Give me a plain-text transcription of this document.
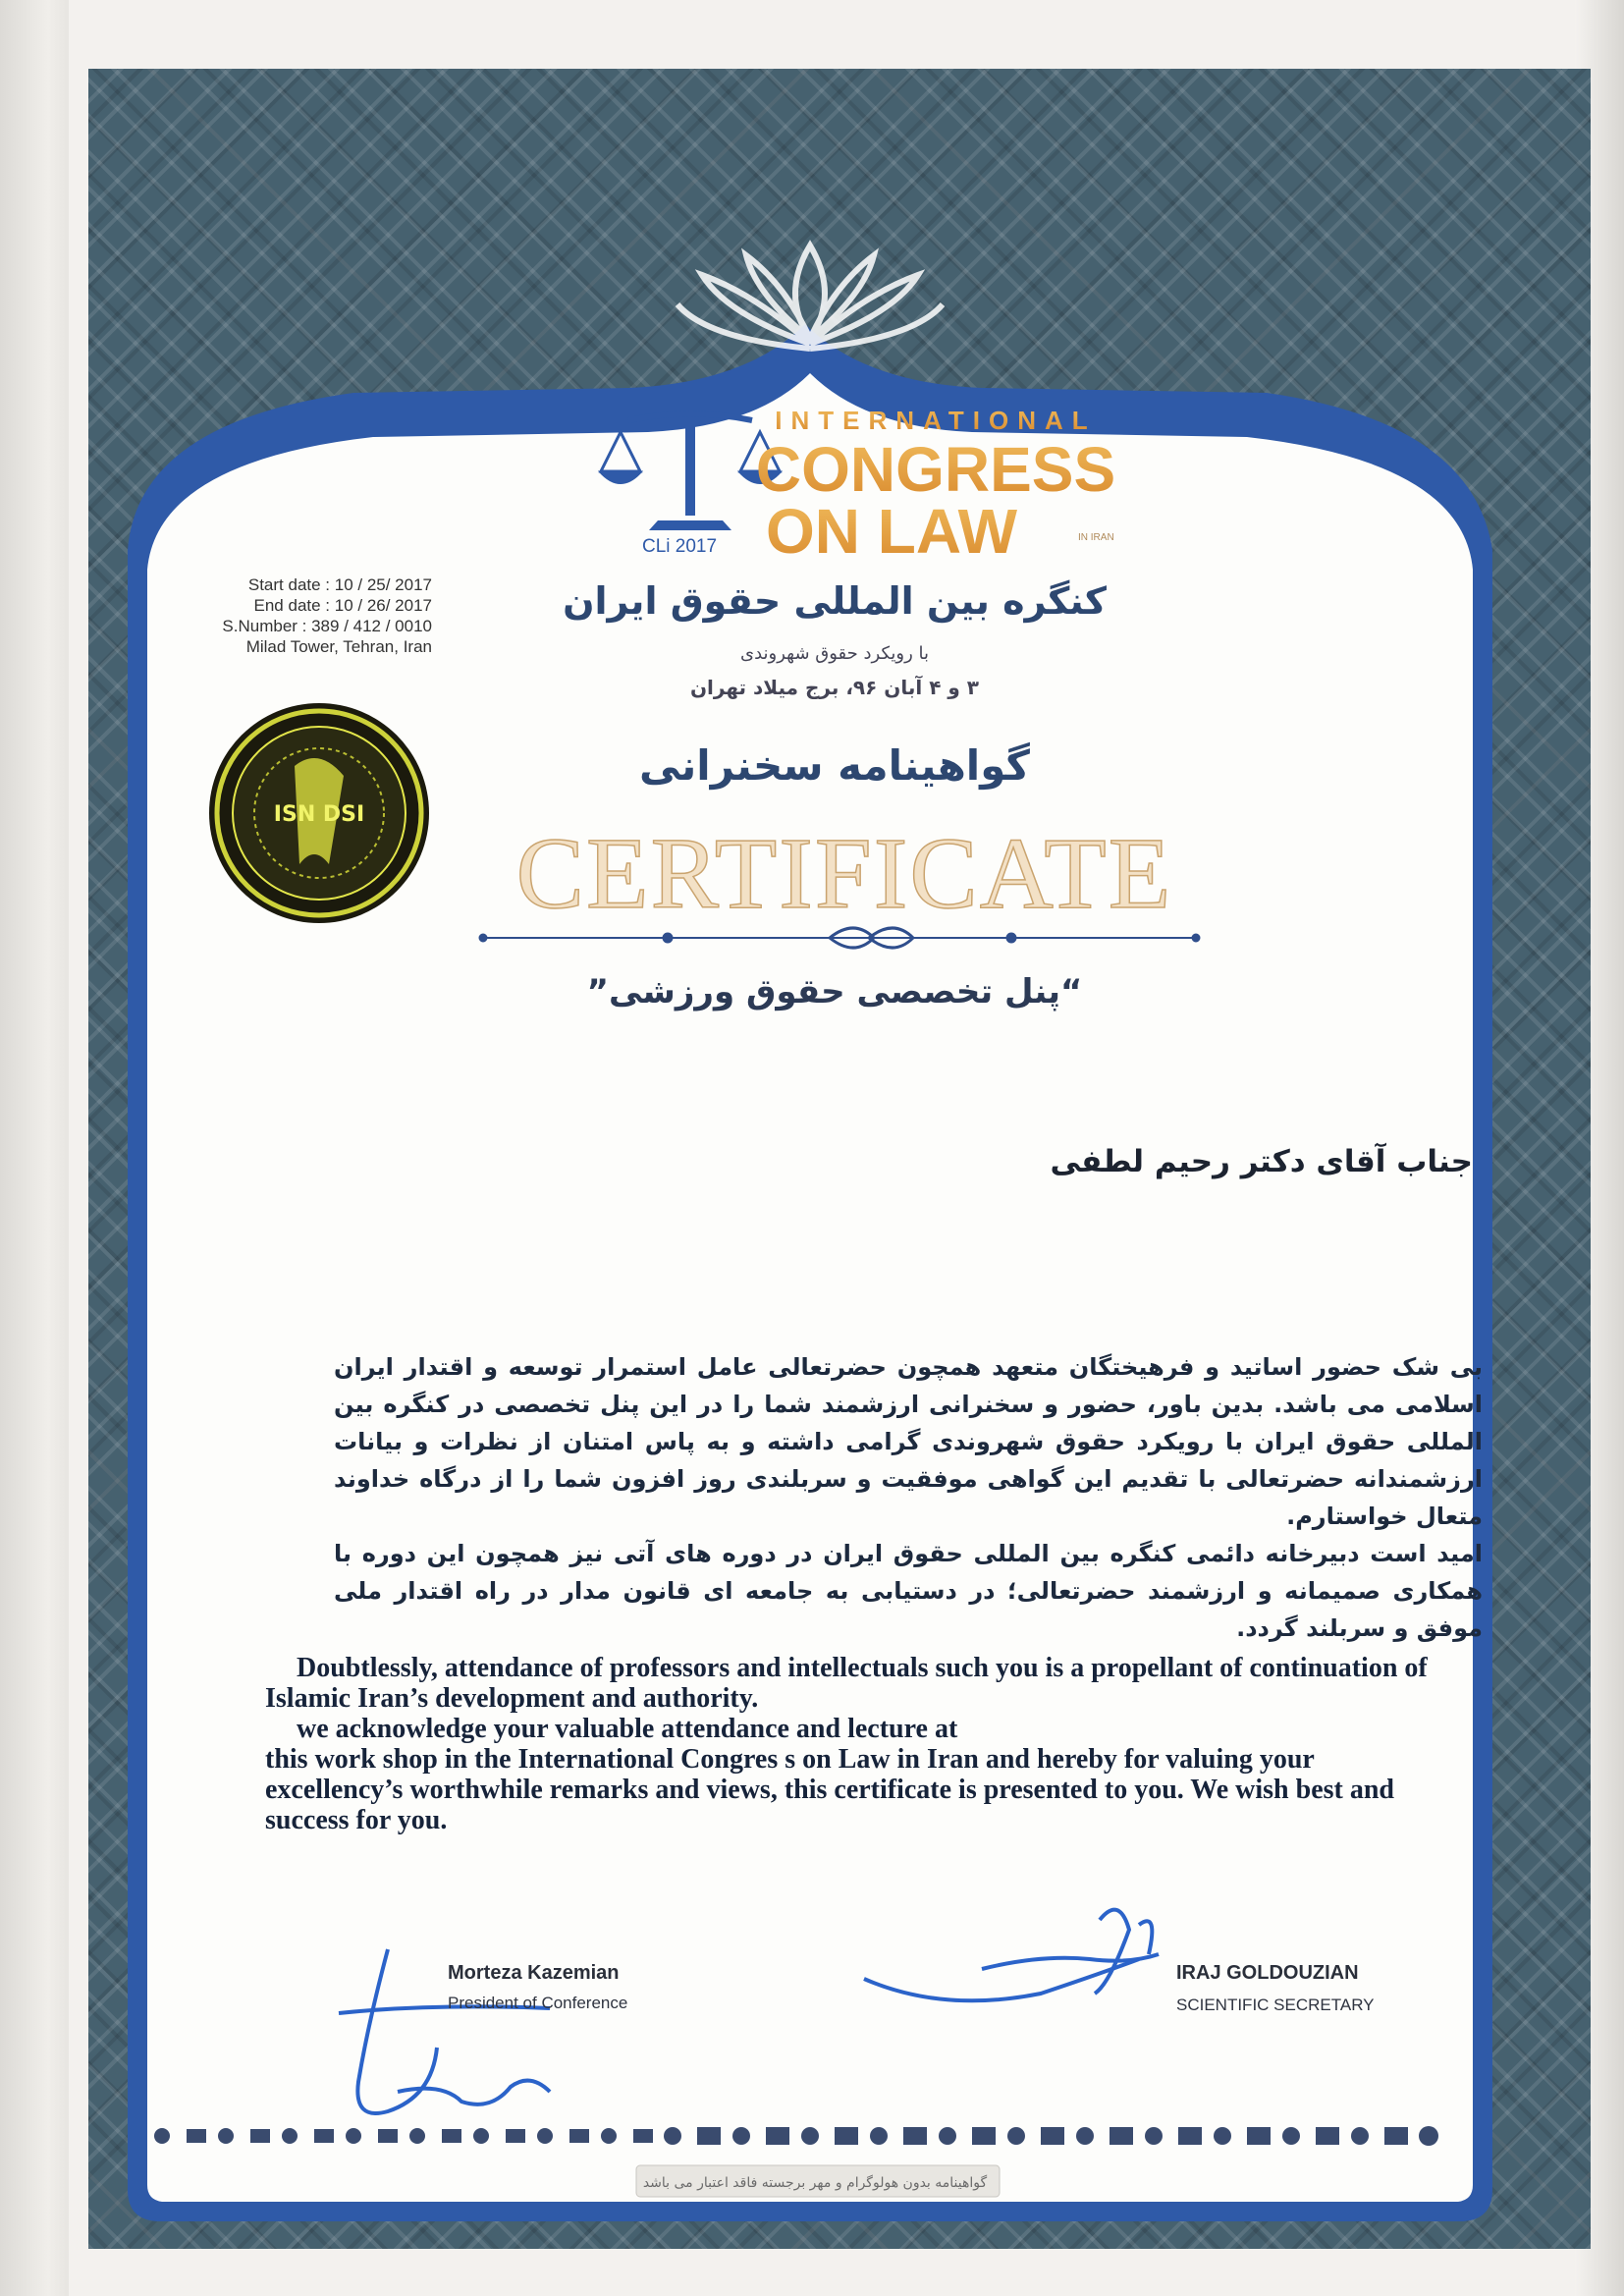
INTERNATIONAL
CONGRESS
ON LAW	IN IRAN
CLi 2017
ISN DSI
Start date : 10 / 25/ 2017
End date : 10 / 26/ 2017
S.Number : 389 / 412 / 0010
Milad Tower, Tehran, Iran
کنگره بین المللی حقوق ایران
با رویکرد حقوق شهروندی
۳ و ۴ آبان ۹۶، برج میلاد تهران
گواهینامه سخنرانی
CERTIFICATE
“پنل تخصصی حقوق ورزشی”
جناب آقای دکتر رحیم لطفی

بی شک حضور اساتید و فرهیختگان متعهد همچون حضرتعالی عامل استمرار توسعه و اقتدار ایران اسلامی می باشد. بدین باور، حضور و سخنرانی ارزشمند شما را در این پنل تخصصی در کنگره بین المللی حقوق ایران با رویکرد حقوق شهروندی گرامی داشته و به پاس امتنان از نظرات و بیانات ارزشمندانه حضرتعالی با تقدیم این گواهی موفقیت و سربلندی روز افزون شما را از درگاه خداوند متعال خواستارم.

امید است دبیرخانه دائمی کنگره بین المللی حقوق ایران در دوره های آتی نیز همچون این دوره با همکاری صمیمانه و ارزشمند حضرتعالی؛ در دستیابی به جامعه ای قانون مدار در راه اقتدار ملی موفق و سربلند گردد.

Doubtlessly, attendance of professors and intellectuals such you is a propellant of continuation of Islamic Iran’s development and authority.

we acknowledge your valuable attendance and lecture at

this work shop in the International Congres s on Law in Iran and hereby for valuing your excellency’s worthwhile remarks and views, this certificate is presented to you. We wish best and success for you.

Morteza Kazemian
President of Conference
IRAJ GOLDOUZIAN
SCIENTIFIC SECRETARY
گواهینامه بدون هولوگرام و مهر برجسته فاقد اعتبار می باشد
